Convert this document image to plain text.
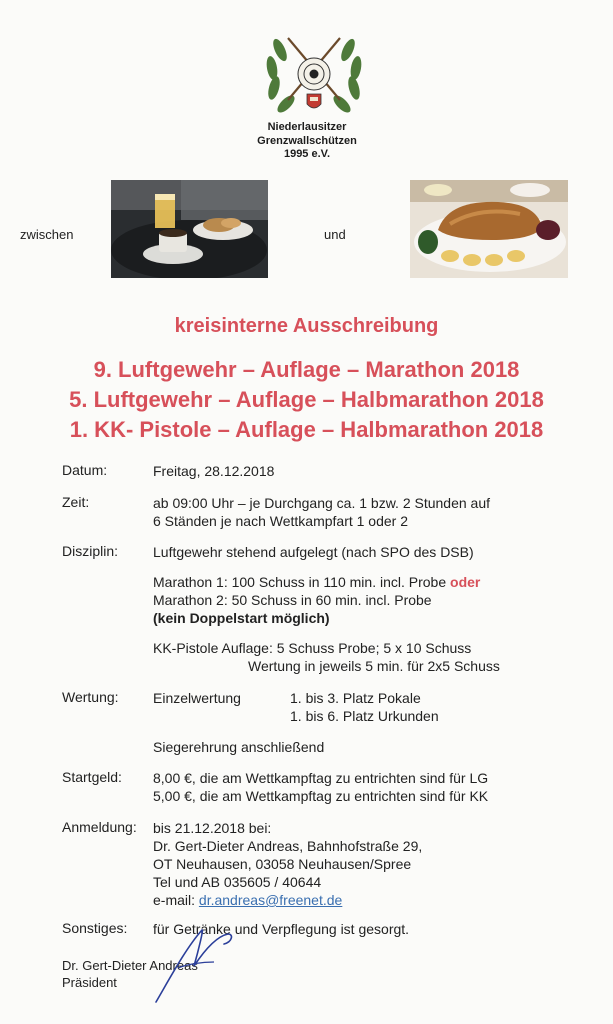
Niederlausitzer
Grenzwallschützen
1995 e.V.
zwischen	und
kreisinterne Ausschreibung
9. Luftgewehr – Auflage – Marathon 2018
5. Luftgewehr – Auflage – Halbmarathon 2018
1. KK- Pistole – Auflage – Halbmarathon 2018
Datum:	Freitag, 28.12.2018
Zeit:	ab 09:00 Uhr – je Durchgang ca. 1 bzw. 2 Stunden auf
6 Ständen je nach Wettkampfart 1 oder 2
Disziplin: Luftgewehr stehend aufgelegt (nach SPO des DSB)
Marathon 1: 100 Schuss in 110 min. incl. Probe oder
Marathon 2: 50 Schuss in 60 min. incl. Probe
(kein Doppelstart möglich)
KK-Pistole Auflage: 5 Schuss Probe; 5 x 10 Schuss
Wertung in jeweils 5 min. für 2x5 Schuss
Wertung: Einzelwertung	1. bis 3. Platz Pokale
1. bis 6. Platz Urkunden
Siegerehrung anschließend
Startgeld: 8,00 €, die am Wettkampftag zu entrichten sind für LG
5,00 €, die am Wettkampftag zu entrichten sind für KK
Anmeldung: bis 21.12.2018 bei:
Dr. Gert-Dieter Andreas, Bahnhofstraße 29,
OT Neuhausen, 03058 Neuhausen/Spree
Tel und AB 035605 / 40644
e-mail: dr.andreas@freenet.de
Sonstiges: für Getränke und Verpflegung ist gesorgt.
Dr. Gert-Dieter Andreas
Präsident
